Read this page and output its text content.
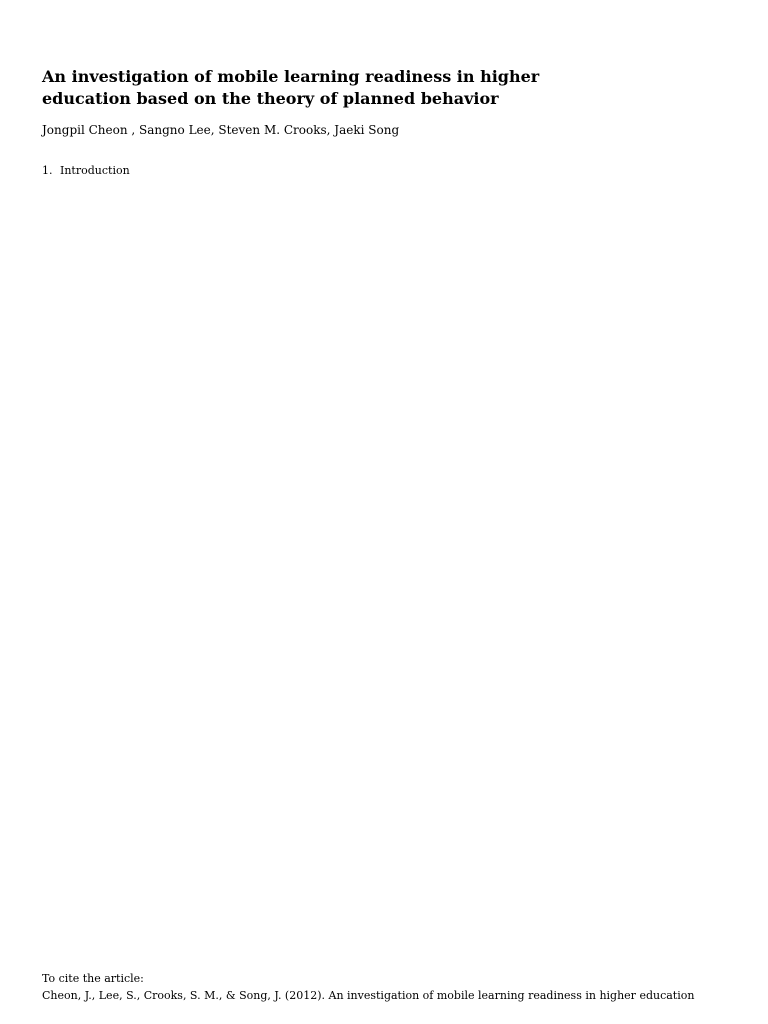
An investigation of mobile learning readiness in higher
education based on the theory of planned behavior

Jongpil Cheon , Sangno Lee, Steven M. Crooks, Jaeki Song

1. Introduction

To cite the article:

Cheon, J., Lee, S., Crooks, S. M., & Song, J. (2012). An investigation of mobile learning readiness in higher education
